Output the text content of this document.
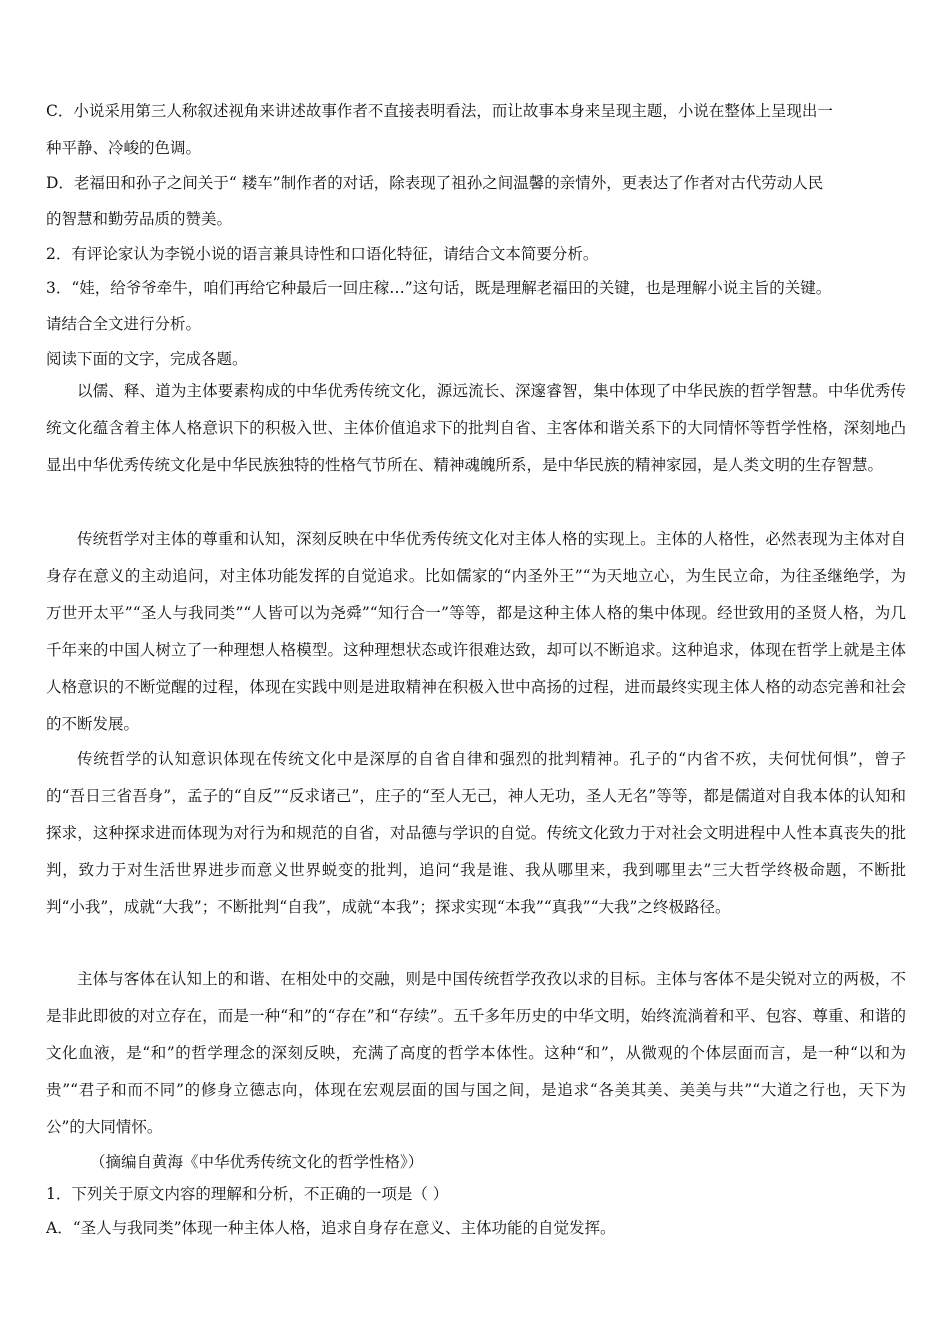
C．小说采用第三人称叙述视角来讲述故事作者不直接表明看法，而让故事本身来呈现主题，小说在整体上呈现出一
种平静、冷峻的色调。
D．老福田和孙子之间关于“ 耧车”制作者的对话，除表现了祖孙之间温馨的亲情外，更表达了作者对古代劳动人民
的智慧和勤劳品质的赞美。
2．有评论家认为李锐小说的语言兼具诗性和口语化特征，请结合文本简要分析。
3．“娃，给爷爷牵牛，咱们再给它种最后一回庄稼…”这句话，既是理解老福田的关键，也是理解小说主旨的关键。
请结合全文进行分析。
阅读下面的文字，完成各题。
以儒、释、道为主体要素构成的中华优秀传统文化，源远流长、深邃睿智，集中体现了中华民族的哲学智慧。中华优秀传统文化蕴含着主体人格意识下的积极入世、主体价值追求下的批判自省、主客体和谐关系下的大同情怀等哲学性格，深刻地凸显出中华优秀传统文化是中华民族独特的性格气节所在、精神魂魄所系，是中华民族的精神家园，是人类文明的生存智慧。
传统哲学对主体的尊重和认知，深刻反映在中华优秀传统文化对主体人格的实现上。主体的人格性，必然表现为主体对自身存在意义的主动追问，对主体功能发挥的自觉追求。比如儒家的“内圣外王”“为天地立心，为生民立命，为往圣继绝学，为万世开太平”“圣人与我同类”“人皆可以为尧舜”“知行合一”等等，都是这种主体人格的集中体现。经世致用的圣贤人格，为几千年来的中国人树立了一种理想人格模型。这种理想状态或许很难达致，却可以不断追求。这种追求，体现在哲学上就是主体人格意识的不断觉醒的过程，体现在实践中则是进取精神在积极入世中高扬的过程，进而最终实现主体人格的动态完善和社会的不断发展。
传统哲学的认知意识体现在传统文化中是深厚的自省自律和强烈的批判精神。孔子的“内省不疚，夫何忧何惧”，曾子的“吾日三省吾身”，孟子的“自反”“反求诸己”，庄子的“至人无己，神人无功，圣人无名”等等，都是儒道对自我本体的认知和探求，这种探求进而体现为对行为和规范的自省，对品德与学识的自觉。传统文化致力于对社会文明进程中人性本真丧失的批判，致力于对生活世界进步而意义世界蜕变的批判，追问“我是谁、我从哪里来，我到哪里去”三大哲学终极命题，不断批判“小我”，成就“大我”；不断批判“自我”，成就“本我”；探求实现“本我”“真我”“大我”之终极路径。
主体与客体在认知上的和谐、在相处中的交融，则是中国传统哲学孜孜以求的目标。主体与客体不是尖锐对立的两极，不是非此即彼的对立存在，而是一种“和”的“存在”和“存续”。五千多年历史的中华文明，始终流淌着和平、包容、尊重、和谐的文化血液，是“和”的哲学理念的深刻反映，充满了高度的哲学本体性。这种“和”，从微观的个体层面而言，是一种“以和为贵”“君子和而不同”的修身立德志向，体现在宏观层面的国与国之间，是追求“各美其美、美美与共”“大道之行也，天下为公”的大同情怀。
（摘编自黄海《中华优秀传统文化的哲学性格》）
1．下列关于原文内容的理解和分析，不正确的一项是（ ）
A．“圣人与我同类”体现一种主体人格，追求自身存在意义、主体功能的自觉发挥。
